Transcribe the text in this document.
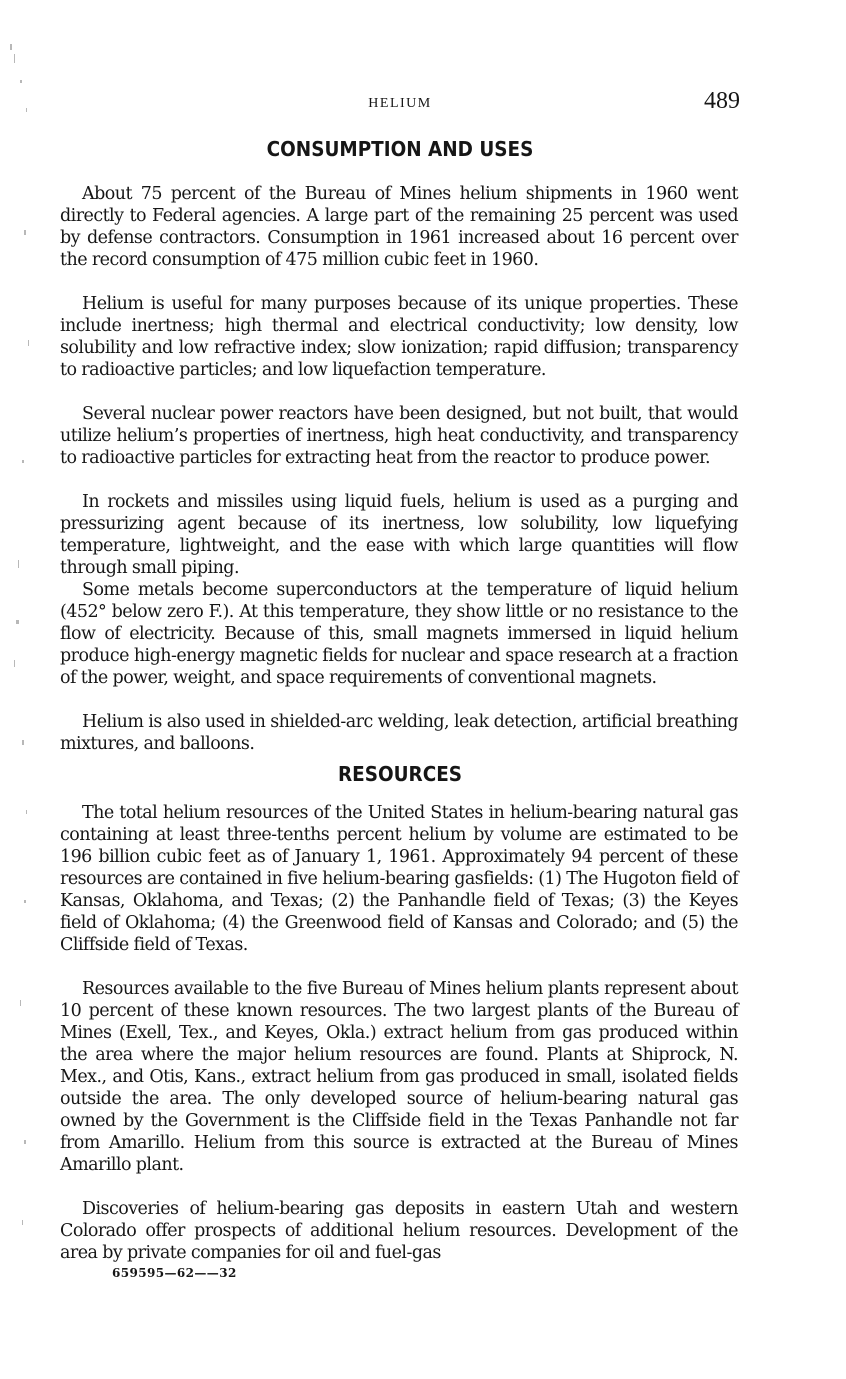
HELIUM	489
CONSUMPTION AND USES

About 75 percent of the Bureau of Mines helium shipments in 1960 went directly to Federal agencies. A large part of the remaining 25 percent was used by defense contractors. Consumption in 1961 increased about 16 percent over the record consumption of 475 million cubic feet in 1960.

Helium is useful for many purposes because of its unique properties. These include inertness; high thermal and electrical conductivity; low density, low solubility and low refractive index; slow ionization; rapid diffusion; transparency to radioactive particles; and low liquefaction temperature.

Several nuclear power reactors have been designed, but not built, that would utilize helium’s properties of inertness, high heat conductivity, and transparency to radioactive particles for extracting heat from the reactor to produce power.

In rockets and missiles using liquid fuels, helium is used as a purging and pressurizing agent because of its inertness, low solubility, low liquefying temperature, lightweight, and the ease with which large quantities will flow through small piping.

Some metals become superconductors at the temperature of liquid helium (452° below zero F.). At this temperature, they show little or no resistance to the flow of electricity. Because of this, small magnets immersed in liquid helium produce high-energy magnetic fields for nuclear and space research at a fraction of the power, weight, and space requirements of conventional magnets.

Helium is also used in shielded-arc welding, leak detection, artificial breathing mixtures, and balloons.

RESOURCES

The total helium resources of the United States in helium-bearing natural gas containing at least three-tenths percent helium by volume are estimated to be 196 billion cubic feet as of January 1, 1961. Approximately 94 percent of these resources are contained in five helium-bearing gasfields: (1) The Hugoton field of Kansas, Oklahoma, and Texas; (2) the Panhandle field of Texas; (3) the Keyes field of Oklahoma; (4) the Greenwood field of Kansas and Colorado; and (5) the Cliffside field of Texas.

Resources available to the five Bureau of Mines helium plants represent about 10 percent of these known resources. The two largest plants of the Bureau of Mines (Exell, Tex., and Keyes, Okla.) extract helium from gas produced within the area where the major helium resources are found. Plants at Shiprock, N. Mex., and Otis, Kans., extract helium from gas produced in small, isolated fields outside the area. The only developed source of helium-bearing natural gas owned by the Government is the Cliffside field in the Texas Panhandle not far from Amarillo. Helium from this source is extracted at the Bureau of Mines Amarillo plant.

Discoveries of helium-bearing gas deposits in eastern Utah and western Colorado offer prospects of additional helium resources. Development of the area by private companies for oil and fuel-gas

659595—62——32
